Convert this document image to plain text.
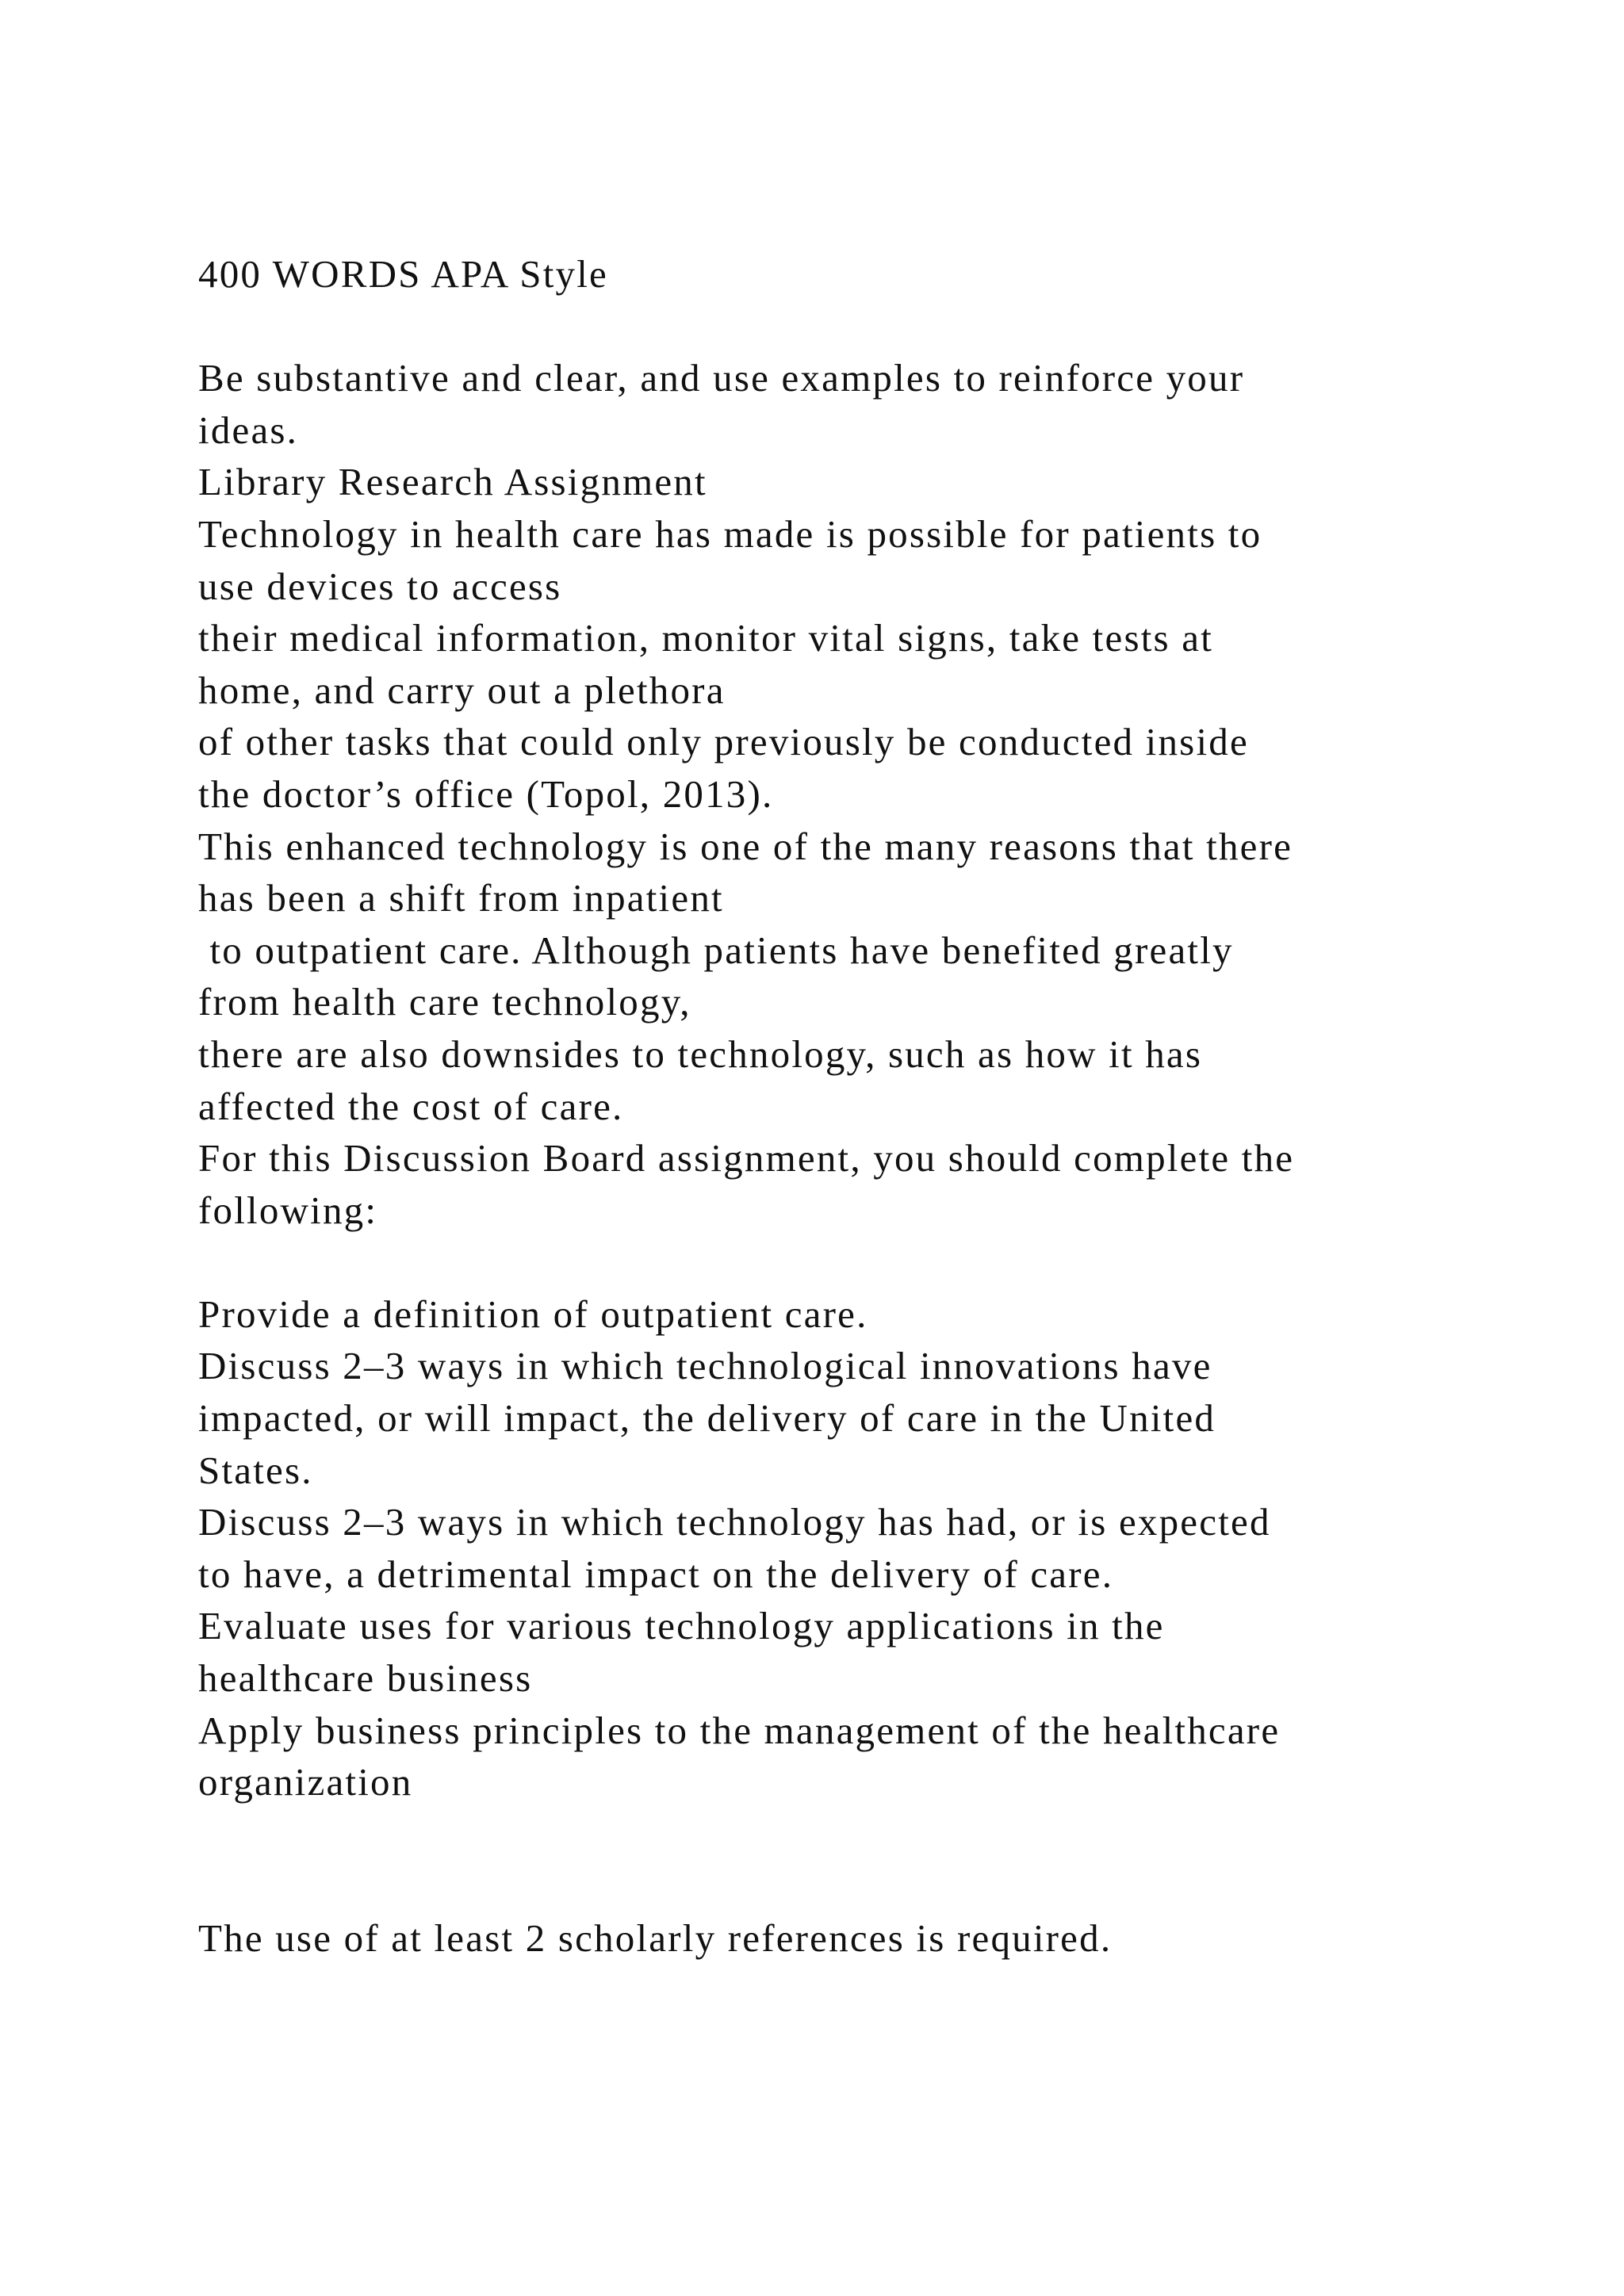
400 WORDS APA Style
Be substantive and clear, and use examples to reinforce your
ideas.
Library Research Assignment
Technology in health care has made is possible for patients to
use devices to access
their medical information, monitor vital signs, take tests at
home, and carry out a plethora
of other tasks that could only previously be conducted inside
the doctor’s office (Topol, 2013).
This enhanced technology is one of the many reasons that there
has been a shift from inpatient
to outpatient care. Although patients have benefited greatly
from health care technology,
there are also downsides to technology, such as how it has
affected the cost of care.
For this Discussion Board assignment, you should complete the
following:
Provide a definition of outpatient care.
Discuss 2–3 ways in which technological innovations have
impacted, or will impact, the delivery of care in the United
States.
Discuss 2–3 ways in which technology has had, or is expected
to have, a detrimental impact on the delivery of care.
Evaluate uses for various technology applications in the
healthcare business
Apply business principles to the management of the healthcare
organization
The use of at least 2 scholarly references is required.
